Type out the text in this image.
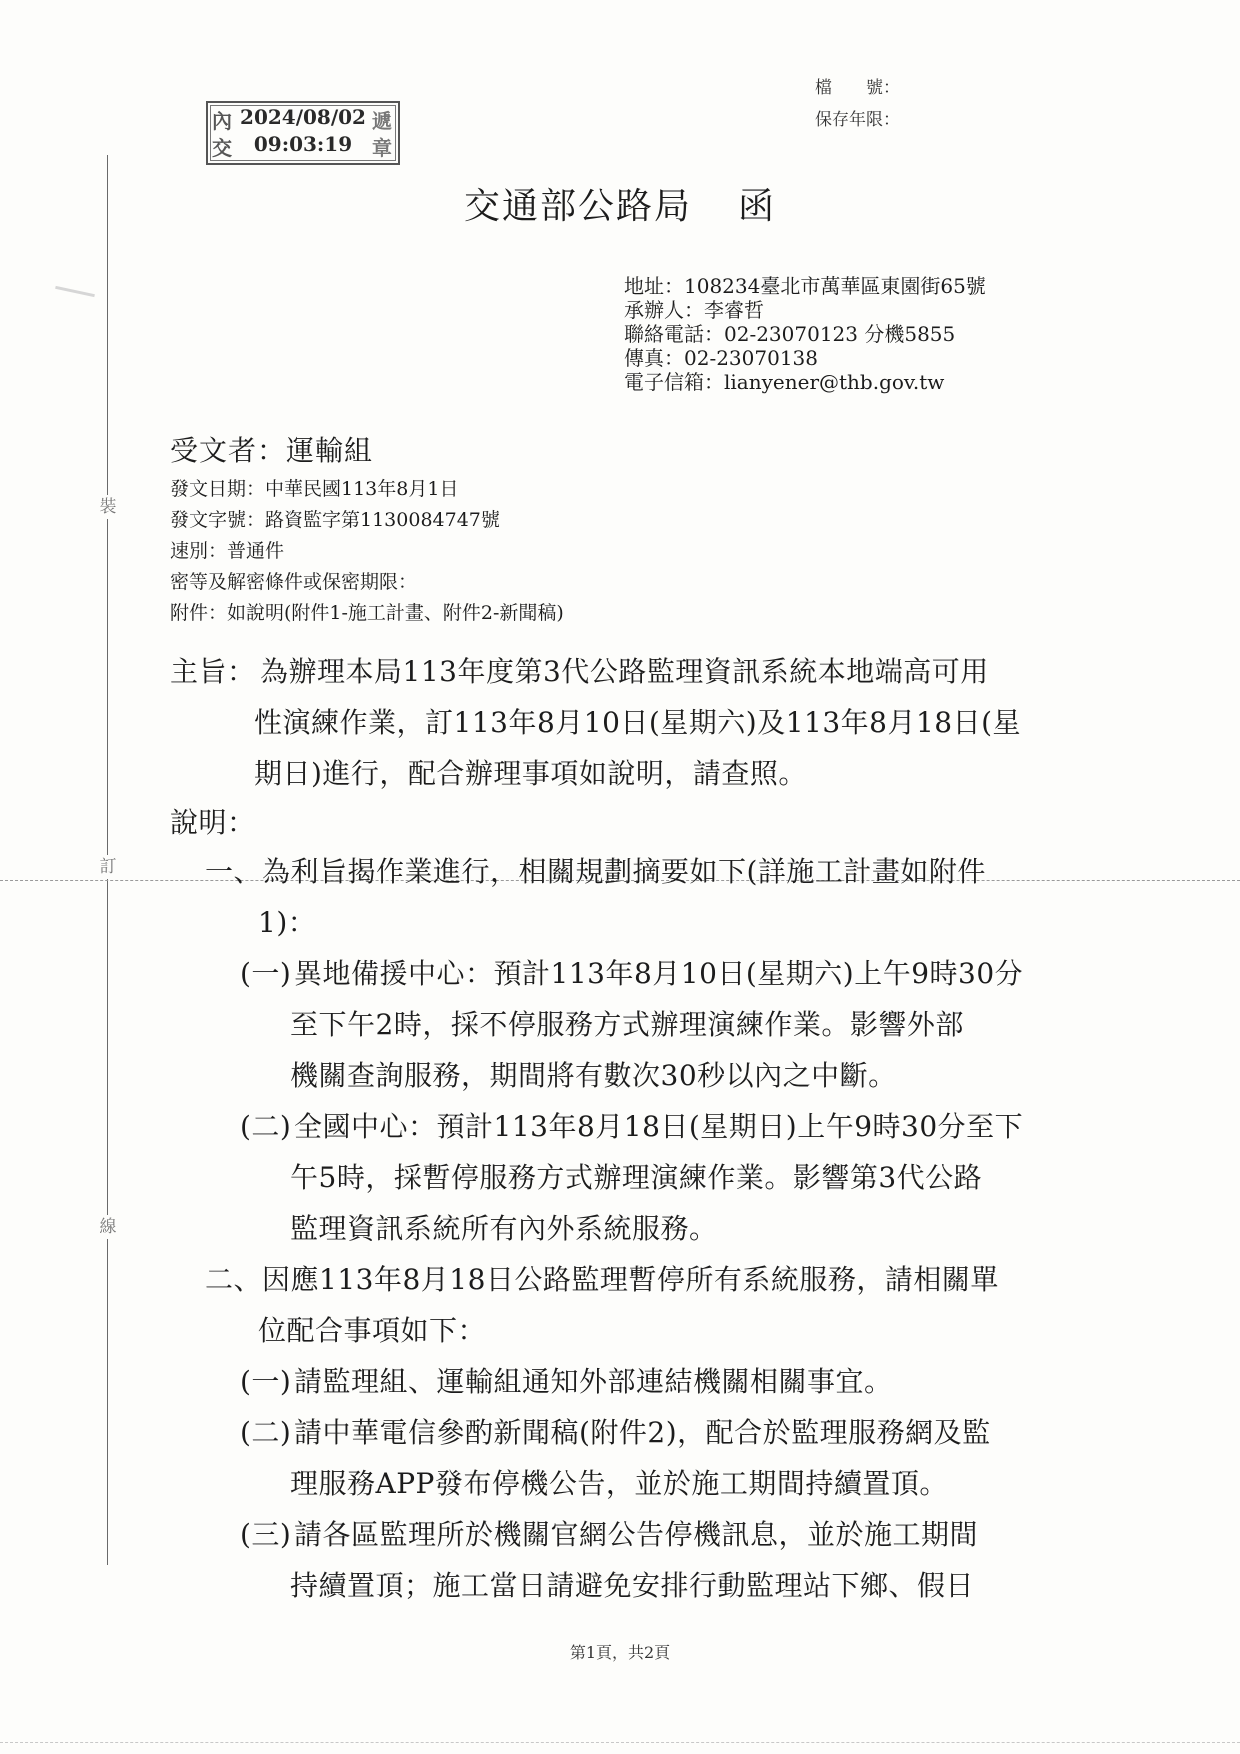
裝
訂
線
內 2024/08/02 遞
交	09:03:19 章
檔　　號：
保存年限：
交通部公路局 函
地址：108234臺北市萬華區東園街65號
承辦人：李睿哲
聯絡電話：02-23070123 分機5855
傳真：02-23070138
電子信箱：lianyener@thb.gov.tw
受文者：運輸組
發文日期：中華民國113年8月1日
發文字號：路資監字第1130084747號
速別：普通件
密等及解密條件或保密期限：
附件：如說明(附件1-施工計畫、附件2-新聞稿)
主旨： 為辦理本局113年度第3代公路監理資訊系統本地端高可用
性演練作業，訂113年8月10日(星期六)及113年8月18日(星
期日)進行，配合辦理事項如說明，請查照。
說明：
一、 為利旨揭作業進行，相關規劃摘要如下(詳施工計畫如附件
1)：
(一) 異地備援中心：預計113年8月10日(星期六)上午9時30分
至下午2時，採不停服務方式辦理演練作業。影響外部
機關查詢服務，期間將有數次30秒以內之中斷。
(二) 全國中心：預計113年8月18日(星期日)上午9時30分至下
午5時，採暫停服務方式辦理演練作業。影響第3代公路
監理資訊系統所有內外系統服務。
二、 因應113年8月18日公路監理暫停所有系統服務，請相關單
位配合事項如下：
(一) 請監理組、運輸組通知外部連結機關相關事宜。
(二) 請中華電信參酌新聞稿(附件2)，配合於監理服務網及監
理服務APP發布停機公告，並於施工期間持續置頂。
(三) 請各區監理所於機關官網公告停機訊息，並於施工期間
持續置頂；施工當日請避免安排行動監理站下鄉、假日
第1頁，共2頁
